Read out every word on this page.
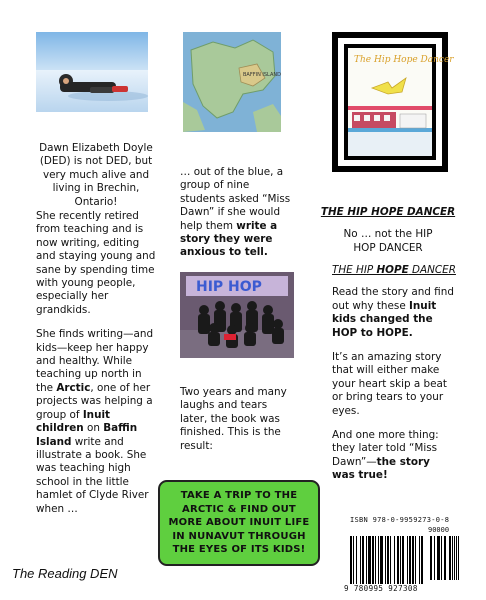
Dawn Elizabeth Doyle (DED) is not DED, but very much alive and living in Brechin, Ontario!

She recently retired from teaching and is now writing, editing and staying young and sane by spending time with young people, especially her grandkids.

She finds writing—and kids—keep her happy and healthy. While teaching up north in the Arctic, one of her projects was helping a group of Inuit children on Baffin Island write and illustrate a book. She was teaching high school in the little hamlet of Clyde River when …

BAFFIN ISLAND

… out of the blue, a group of nine students asked “Miss Dawn” if she would help them write a story they were anxious to tell.

HIP HOP

Two years and many laughs and tears later, the book was finished. This is the result:

The Hip Hope Dancer

THE HIP HOPE DANCER

No … not the HIP HOP DANCER

THE HIP HOPE DANCER

Read the story and find out why these Inuit kids changed the HOP to HOPE.

It’s an amazing story that will either make your heart skip a beat or bring tears to your eyes.

And one more thing: they later told “Miss Dawn”—the story was true!

TAKE A TRIP TO THE ARCTIC & FIND OUT MORE ABOUT INUIT LIFE IN NUNAVUT THROUGH THE EYES OF ITS KIDS!
ISBN 978-0-9959273-0-8
90000
9 780995 927308
The Reading DEN
